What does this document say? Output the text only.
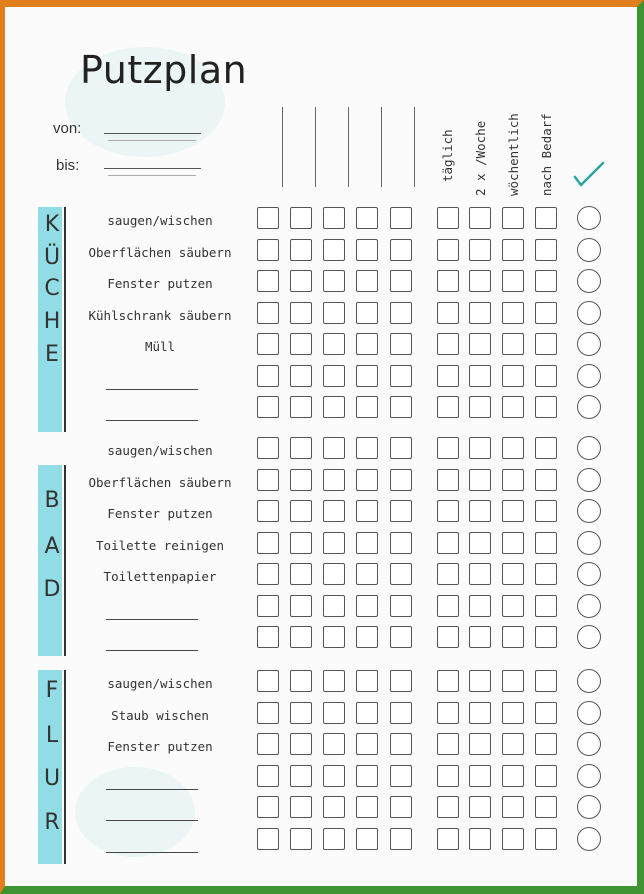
Putzplan
von:
bis:	täglich 2 x /Woche wöchentlich nach Bedarf
K
Ü
C
H
E
saugen/wischen
Oberflächen säubern
Fenster putzen
Kühlschrank säubern
Müll
B
A
D
saugen/wischen
Oberflächen säubern
Fenster putzen
Toilette reinigen
Toilettenpapier
F
L
U
R
saugen/wischen
Staub wischen
Fenster putzen
